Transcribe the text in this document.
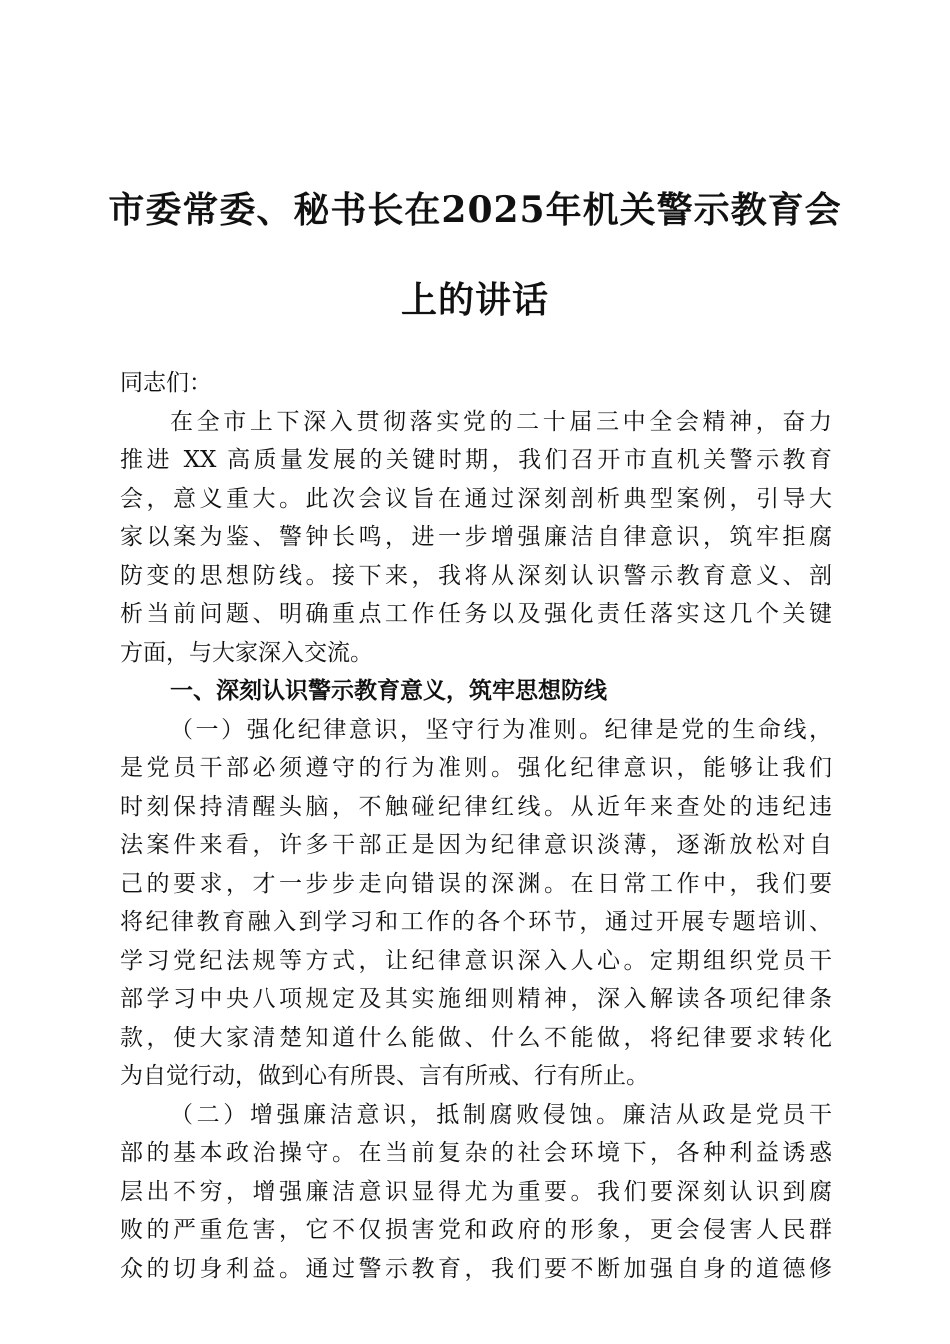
市委常委、秘书长在2025年机关警示教育会
上的讲话
同志们：
在全市上下深入贯彻落实党的二十届三中全会精神，奋力
推进 XX 高质量发展的关键时期，我们召开市直机关警示教育
会，意义重大。此次会议旨在通过深刻剖析典型案例，引导大
家以案为鉴、警钟长鸣，进一步增强廉洁自律意识，筑牢拒腐
防变的思想防线。接下来，我将从深刻认识警示教育意义、剖
析当前问题、明确重点工作任务以及强化责任落实这几个关键
方面，与大家深入交流。
一、深刻认识警示教育意义，筑牢思想防线
（一）强化纪律意识，坚守行为准则。纪律是党的生命线，
是党员干部必须遵守的行为准则。强化纪律意识，能够让我们
时刻保持清醒头脑，不触碰纪律红线。从近年来查处的违纪违
法案件来看，许多干部正是因为纪律意识淡薄，逐渐放松对自
己的要求，才一步步走向错误的深渊。在日常工作中，我们要
将纪律教育融入到学习和工作的各个环节，通过开展专题培训、
学习党纪法规等方式，让纪律意识深入人心。定期组织党员干
部学习中央八项规定及其实施细则精神，深入解读各项纪律条
款，使大家清楚知道什么能做、什么不能做，将纪律要求转化
为自觉行动，做到心有所畏、言有所戒、行有所止。
（二）增强廉洁意识，抵制腐败侵蚀。廉洁从政是党员干
部的基本政治操守。在当前复杂的社会环境下，各种利益诱惑
层出不穷，增强廉洁意识显得尤为重要。我们要深刻认识到腐
败的严重危害，它不仅损害党和政府的形象，更会侵害人民群
众的切身利益。通过警示教育，我们要不断加强自身的道德修
